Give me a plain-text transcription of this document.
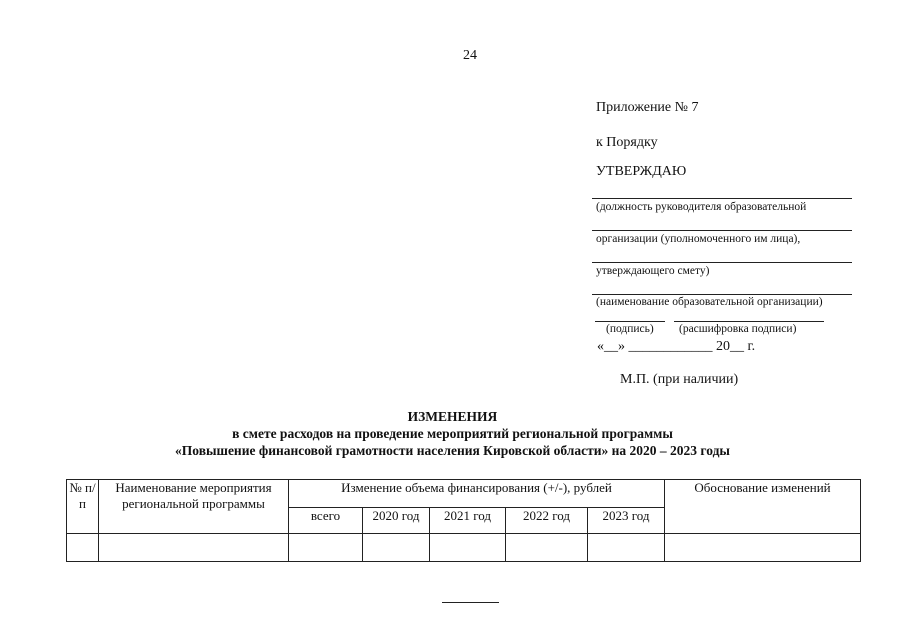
24
Приложение № 7
к Порядку
УТВЕРЖДАЮ
(должность руководителя образовательной
организации (уполномоченного им лица),
утверждающего смету)
(наименование образовательной организации)
(подпись) (расшифровка подписи)
«__» ____________ 20__ г.
М.П. (при наличии)
ИЗМЕНЕНИЯ
в смете расходов на проведение мероприятий региональной программы
«Повышение финансовой грамотности населения Кировской области» на 2020 – 2023 годы
№ п/п	Наименование мероприятия региональной программы	Изменение объема финансирования (+/-), рублей					Обоснование изменений
		всего	2020 год	2021 год	2022 год	2023 год	
